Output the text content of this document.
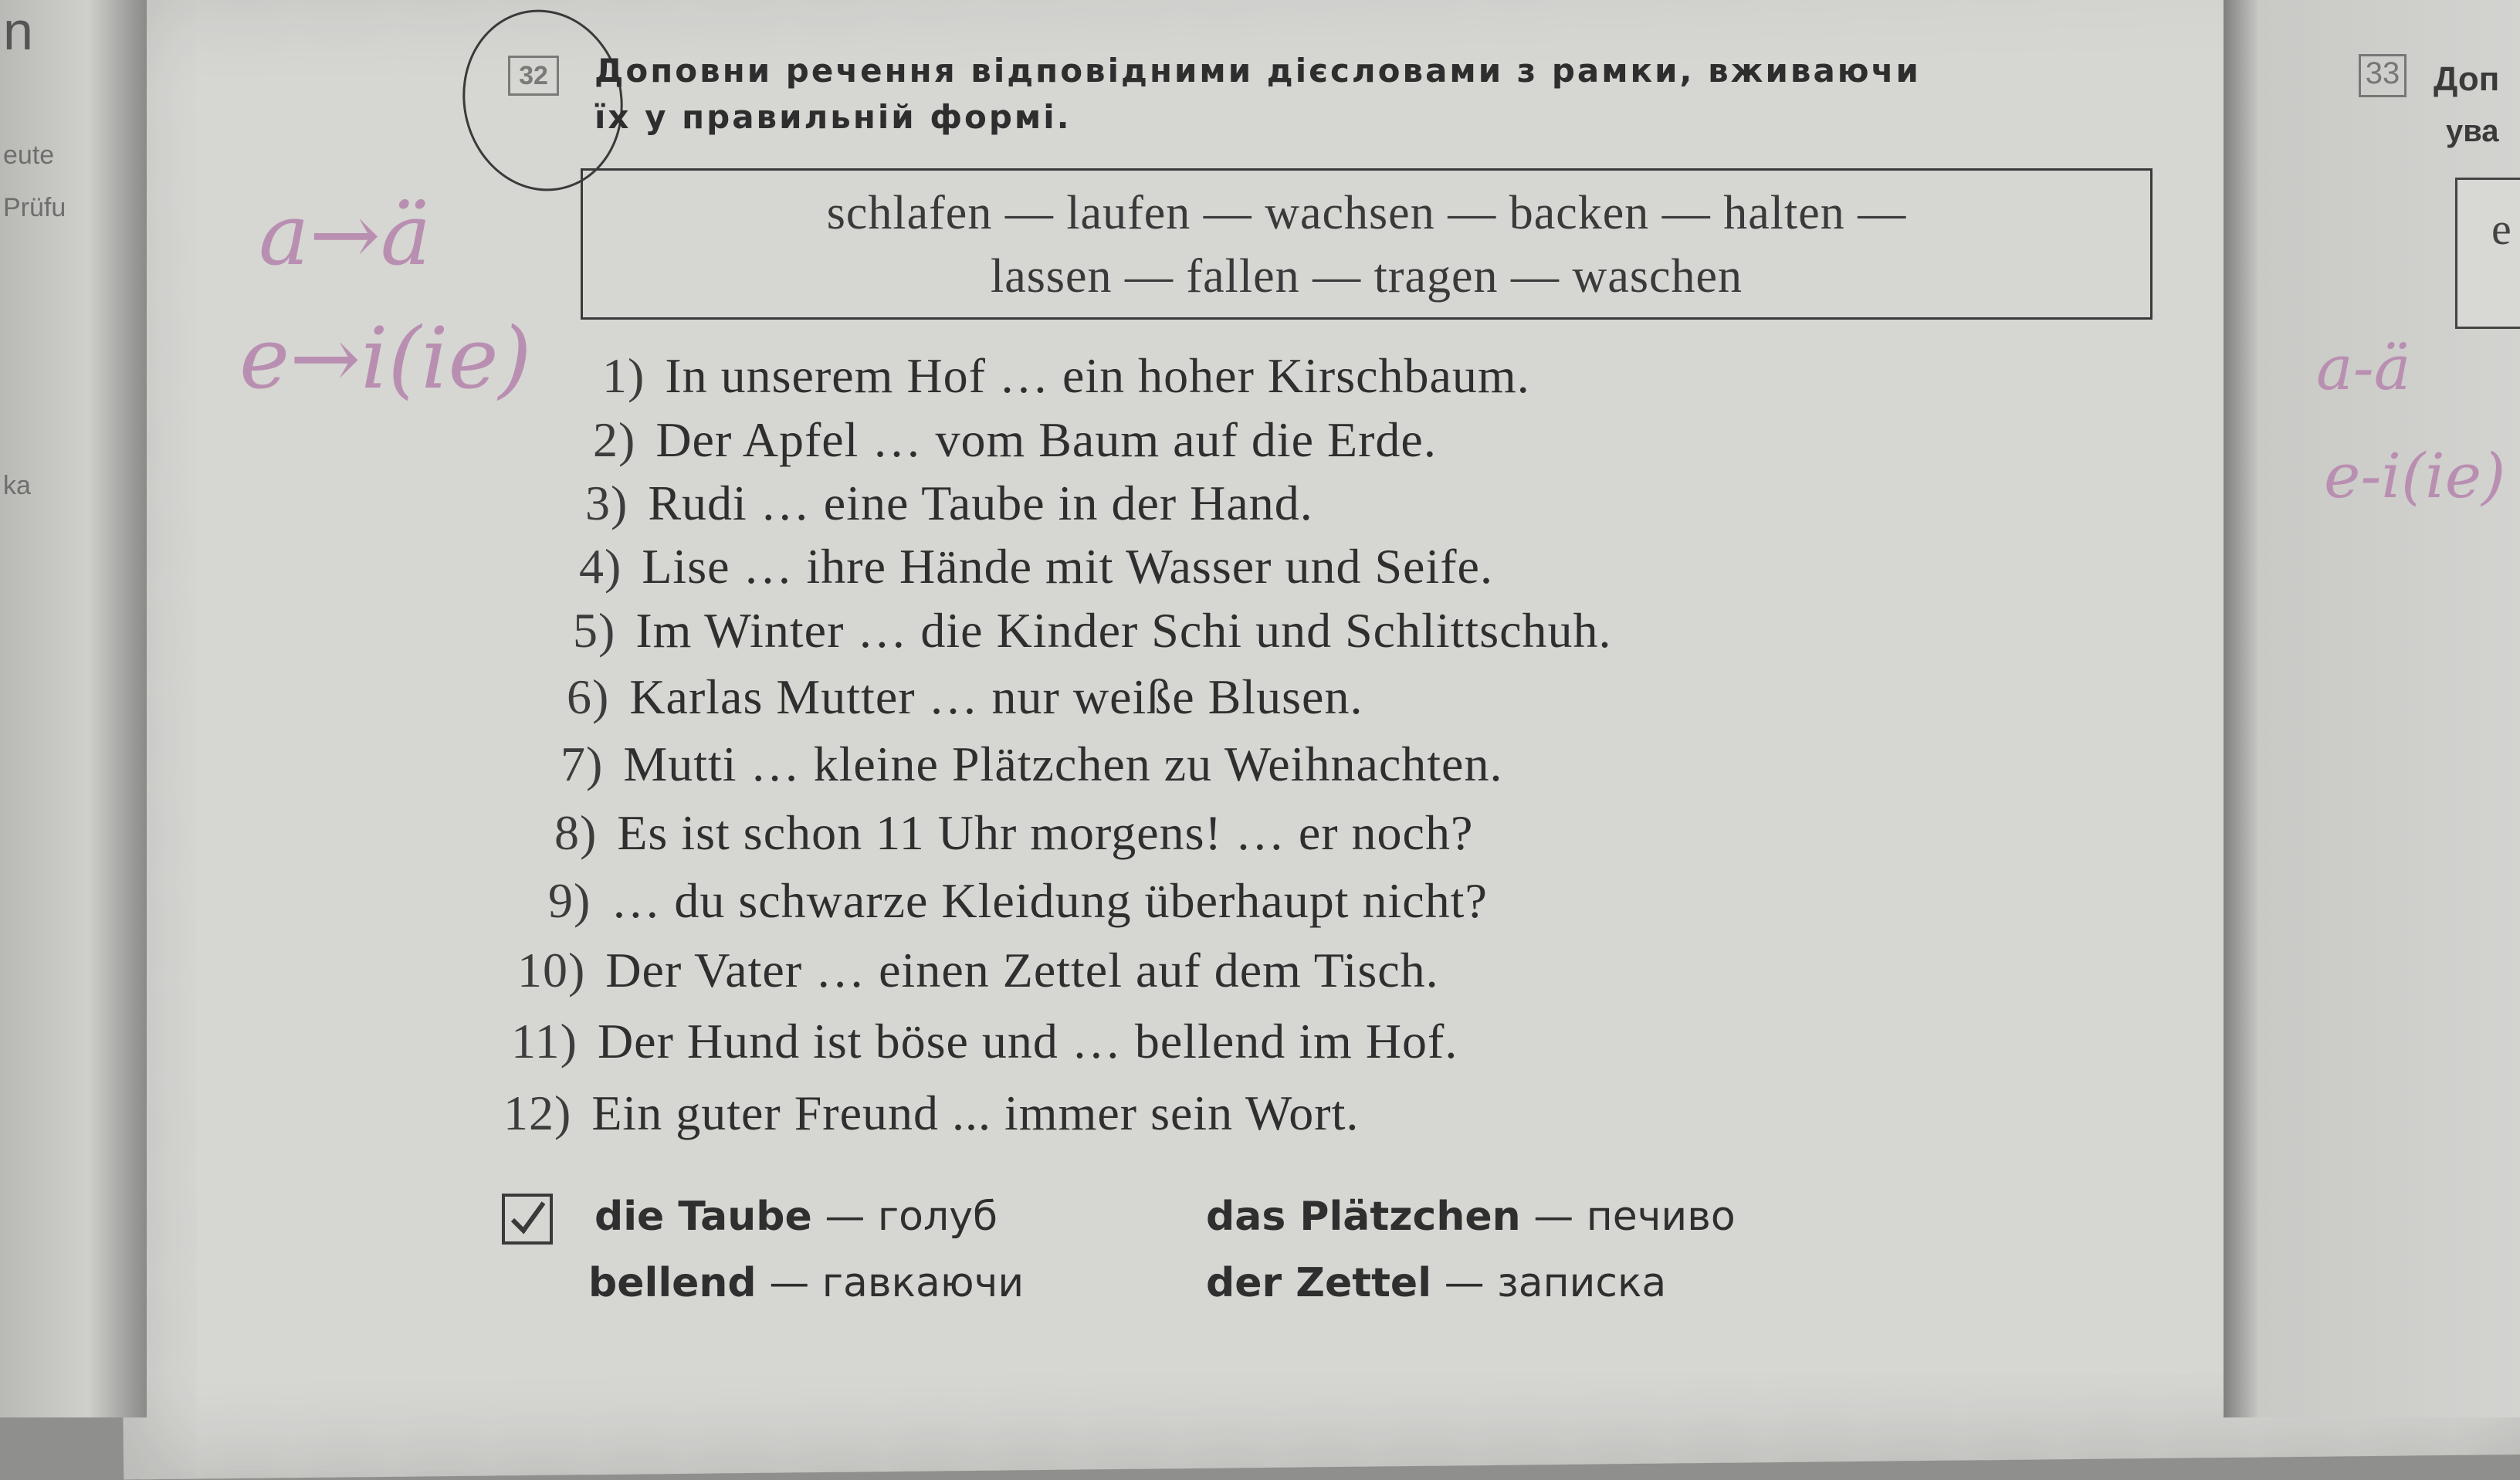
n
eute
Prüfu
ka
33 Доп
ува
e
a-ä
e-i(ie)
a→ä
e→i(ie)
32	Доповни речення відповідними дієсловами з рамки, вживаючи
їх у правильній формі.
schlafen — laufen — wachsen — backen — halten —
lassen — fallen — tragen — waschen
1) In unserem Hof … ein hoher Kirschbaum.
2) Der Apfel … vom Baum auf die Erde.
3) Rudi … eine Taube in der Hand.
4) Lise … ihre Hände mit Wasser und Seife.
5) Im Winter … die Kinder Schi und Schlittschuh.
6) Karlas Mutter … nur weiße Blusen.
7) Mutti … kleine Plätzchen zu Weihnachten.
8) Es ist schon 11 Uhr morgens! … er noch?
9) … du schwarze Kleidung überhaupt nicht?
10) Der Vater … einen Zettel auf dem Tisch.
11) Der Hund ist böse und … bellend im Hof.
12) Ein guter Freund ... immer sein Wort.
die Taube — голуб	das Plätzchen — печиво
bellend — гавкаючи	der Zettel — записка
